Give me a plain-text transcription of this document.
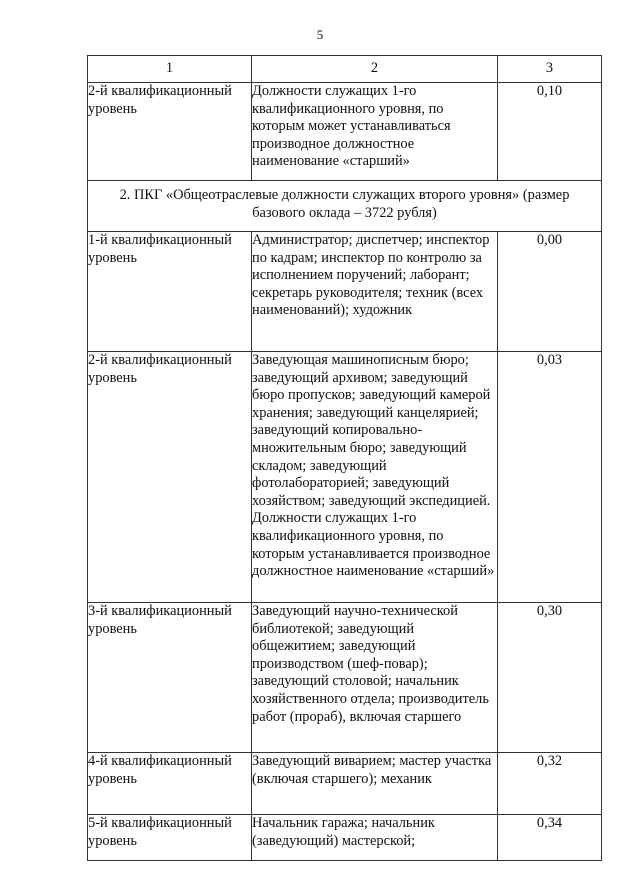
5
1	2	3
2-й квалификационный уровень	Должности служащих 1-го квалификационного уровня, по которым может устанавливаться производное должностное наименование «старший»	0,10
2. ПКГ «Общеотраслевые должности служащих второго уровня» (размер базового оклада – 3722 рубля)		
1-й квалификационный уровень	Администратор; диспетчер; инспектор по кадрам; инспектор по контролю за исполнением поручений; лаборант; секретарь руководителя; техник (всех наименований); художник	0,00
2-й квалификационный уровень	Заведующая машинописным бюро; заведующий архивом; заведующий бюро пропусков; заведующий камерой хранения; заведующий канцелярией; заведующий копировально-множительным бюро; заведующий складом; заведующий фотолабораторией; заведующий хозяйством; заведующий экспедицией. Должности служащих 1-го квалификационного уровня, по которым устанавливается производное должностное наименование «старший»	0,03
3-й квалификационный уровень	Заведующий научно-технической библиотекой; заведующий общежитием; заведующий производством (шеф-повар); заведующий столовой; начальник хозяйственного отдела; производитель работ (прораб), включая старшего	0,30
4-й квалификационный уровень	Заведующий виварием; мастер участка (включая старшего); механик	0,32
5-й квалификационный уровень	Начальник гаража; начальник (заведующий) мастерской;	0,34
